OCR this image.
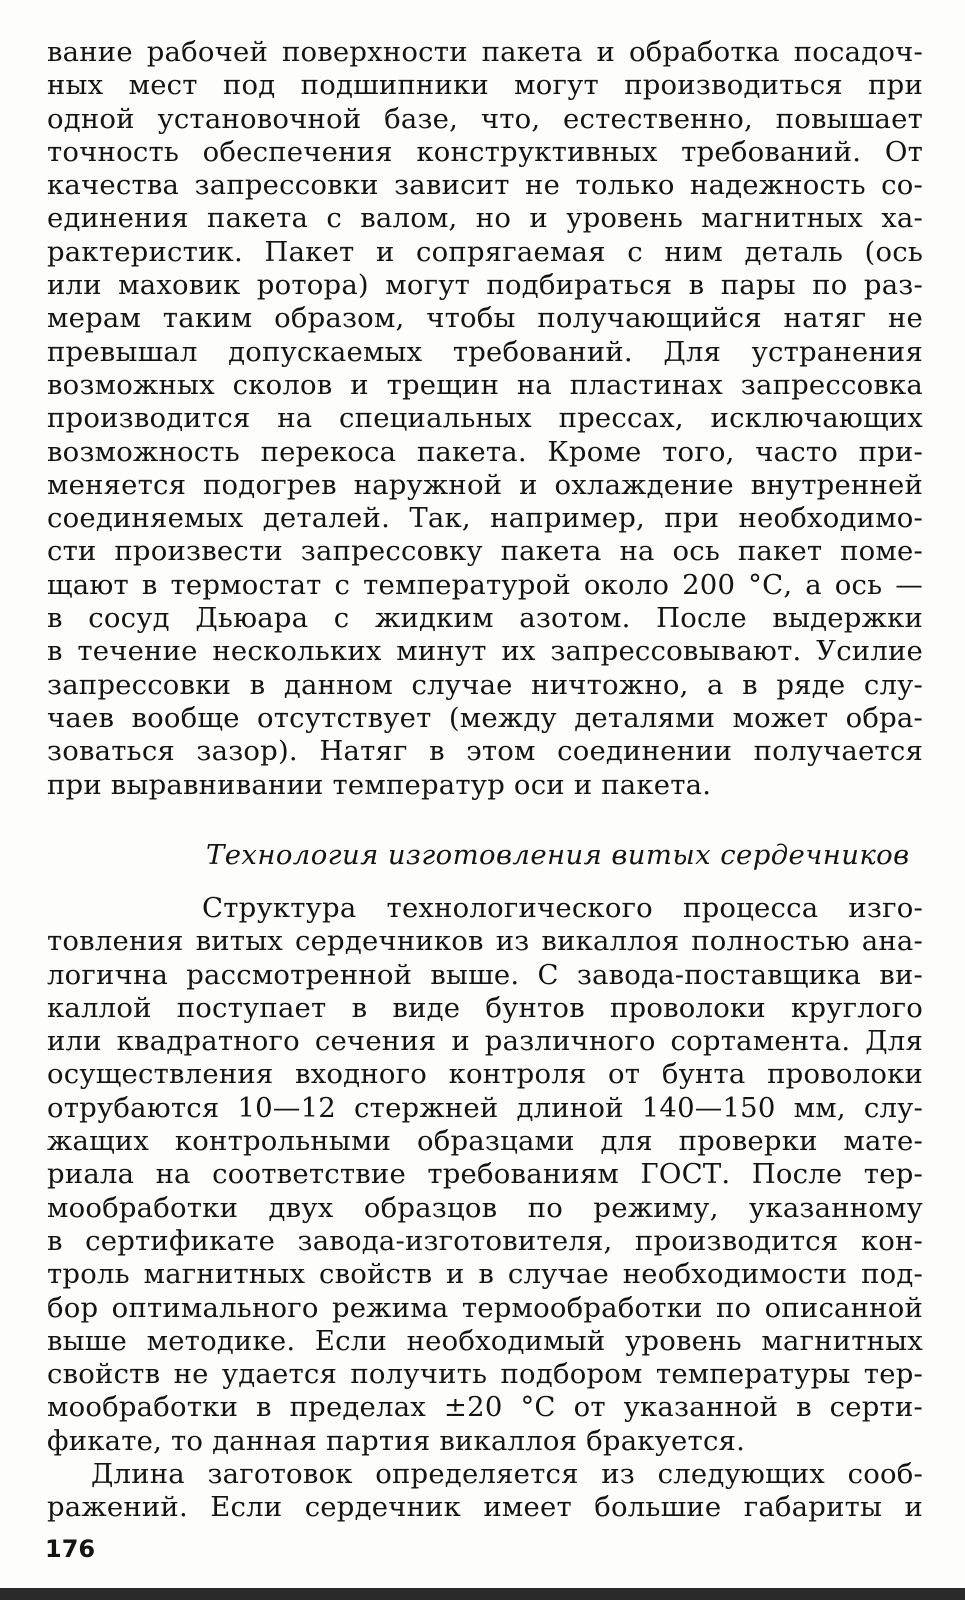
вание рабочей поверхности пакета и обработка посадоч-
ных мест под подшипники могут производиться при
одной установочной базе, что, естественно, повышает
точность обеспечения конструктивных требований. От
качества запрессовки зависит не только надежность со-
единения пакета с валом, но и уровень магнитных ха-
рактеристик. Пакет и сопрягаемая с ним деталь (ось
или маховик ротора) могут подбираться в пары по раз-
мерам таким образом, чтобы получающийся натяг не
превышал допускаемых требований. Для устранения
возможных сколов и трещин на пластинах запрессовка
производится на специальных прессах, исключающих
возможность перекоса пакета. Кроме того, часто при-
меняется подогрев наружной и охлаждение внутренней
соединяемых деталей. Так, например, при необходимо-
сти произвести запрессовку пакета на ось пакет поме-
щают в термостат с температурой около 200 °С, а ось —
в сосуд Дьюара с жидким азотом. После выдержки
в течение нескольких минут их запрессовывают. Усилие
запрессовки в данном случае ничтожно, а в ряде слу-
чаев вообще отсутствует (между деталями может обра-
зоваться зазор). Натяг в этом соединении получается
при выравнивании температур оси и пакета.
Технология изготовления витых сердечников
Структура технологического процесса изго-
товления витых сердечников из викаллоя полностью ана-
логична рассмотренной выше. С завода-поставщика ви-
каллой поступает в виде бунтов проволоки круглого
или квадратного сечения и различного сортамента. Для
осуществления входного контроля от бунта проволоки
отрубаются 10—12 стержней длиной 140—150 мм, слу-
жащих контрольными образцами для проверки мате-
риала на соответствие требованиям ГОСТ. После тер-
мообработки двух образцов по режиму, указанному
в сертификате завода-изготовителя, производится кон-
троль магнитных свойств и в случае необходимости под-
бор оптимального режима термообработки по описанной
выше методике. Если необходимый уровень магнитных
свойств не удается получить подбором температуры тер-
мообработки в пределах ±20 °С от указанной в серти-
фикате, то данная партия викаллоя бракуется.
Длина заготовок определяется из следующих сооб-
ражений. Если сердечник имеет большие габариты и
176
